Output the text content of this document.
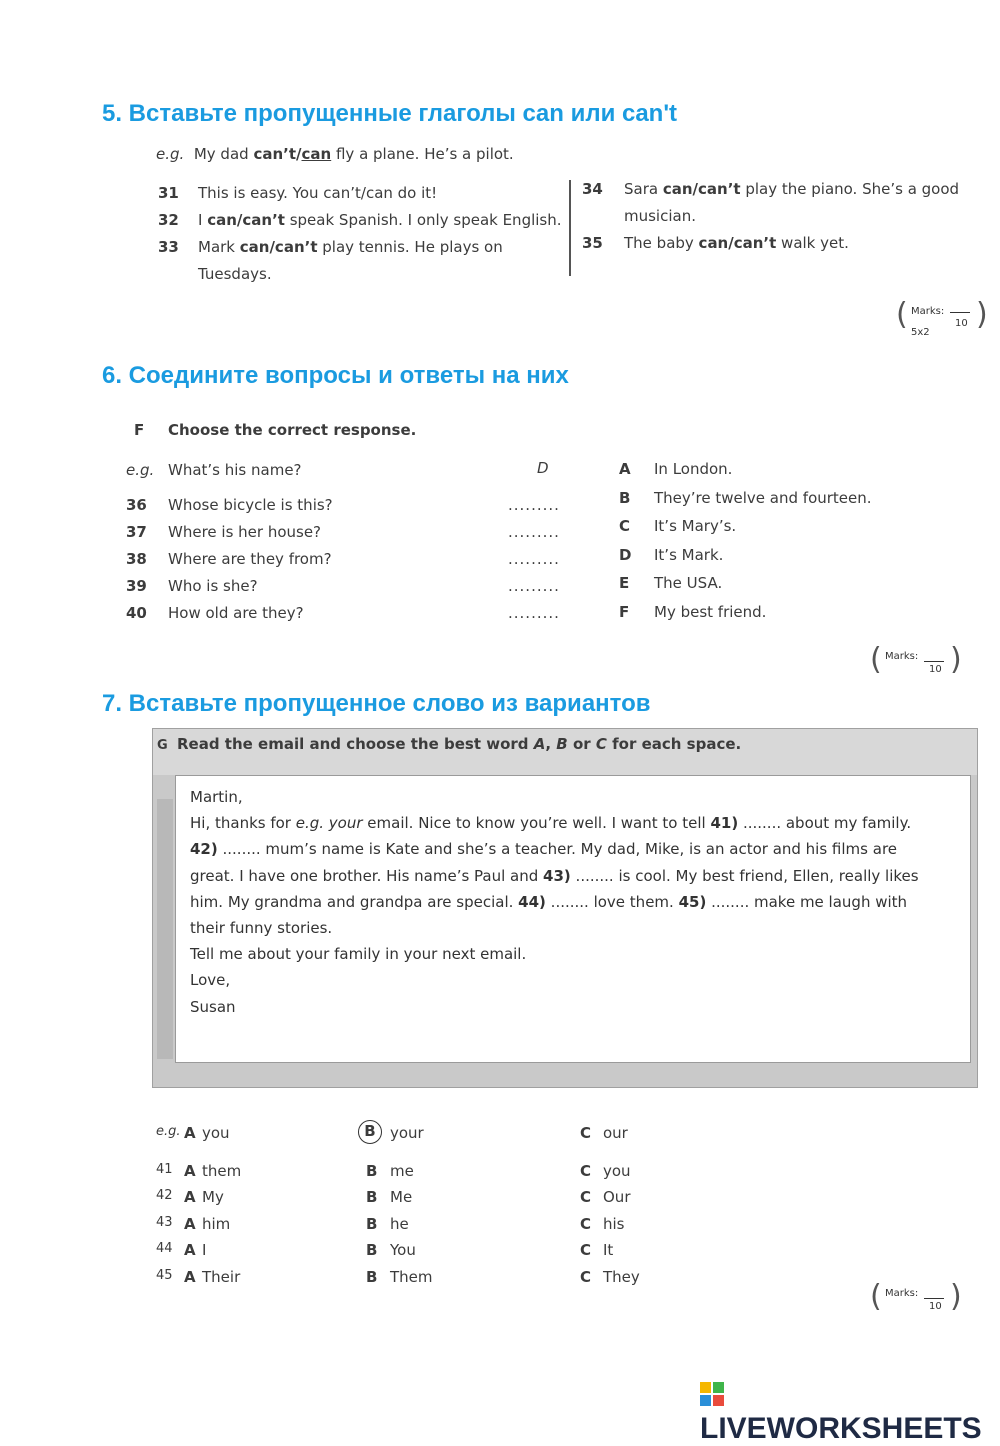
5. Вставьте пропущенные глаголы can или can't
e.g. My dad can’t/can fly a plane. He’s a pilot.
31 This is easy. You can’t/can do it!
32 I can/can’t speak Spanish. I only speak English.
33 Mark can/can’t play tennis. He plays on
Tuesdays.
34 Sara can/can’t play the piano. She’s a good
musician.
35 The baby can/can’t walk yet.
( Marks:
5x2
10 )
6. Соедините вопросы и ответы на них
F Choose the correct response.
e.g. What’s his name?	D
36 Whose bicycle is this?	.........
37 Where is her house?	.........
38 Where are they from?	.........
39 Who is she?	.........
40 How old are they?	.........
A In London.
B They’re twelve and fourteen.
C It’s Mary’s.
D It’s Mark.
E The USA.
F My best friend.
( Marks:
10 )
7. Вставьте пропущенное слово из вариантов
G Read the email and choose the best word A, B or C for each space.
Martin,
Hi, thanks for e.g. your email. Nice to know you’re well. I want to tell 41) ........ about my family.
42) ........ mum’s name is Kate and she’s a teacher. My dad, Mike, is an actor and his films are
great. I have one brother. His name’s Paul and 43) ........ is cool. My best friend, Ellen, really likes
him. My grandma and grandpa are special. 44) ........ love them. 45) ........ make me laugh with
their funny stories.
Tell me about your family in your next email.
Love,
Susan
e.g. A you	B your	C our
41 A them	B me	C you
42 A My	B Me	C Our
43 A him	B he	C his
44 A I	B You	C It
45 A Their	B Them	C They
( Marks:
10 )
LIVEWORKSHEETS
